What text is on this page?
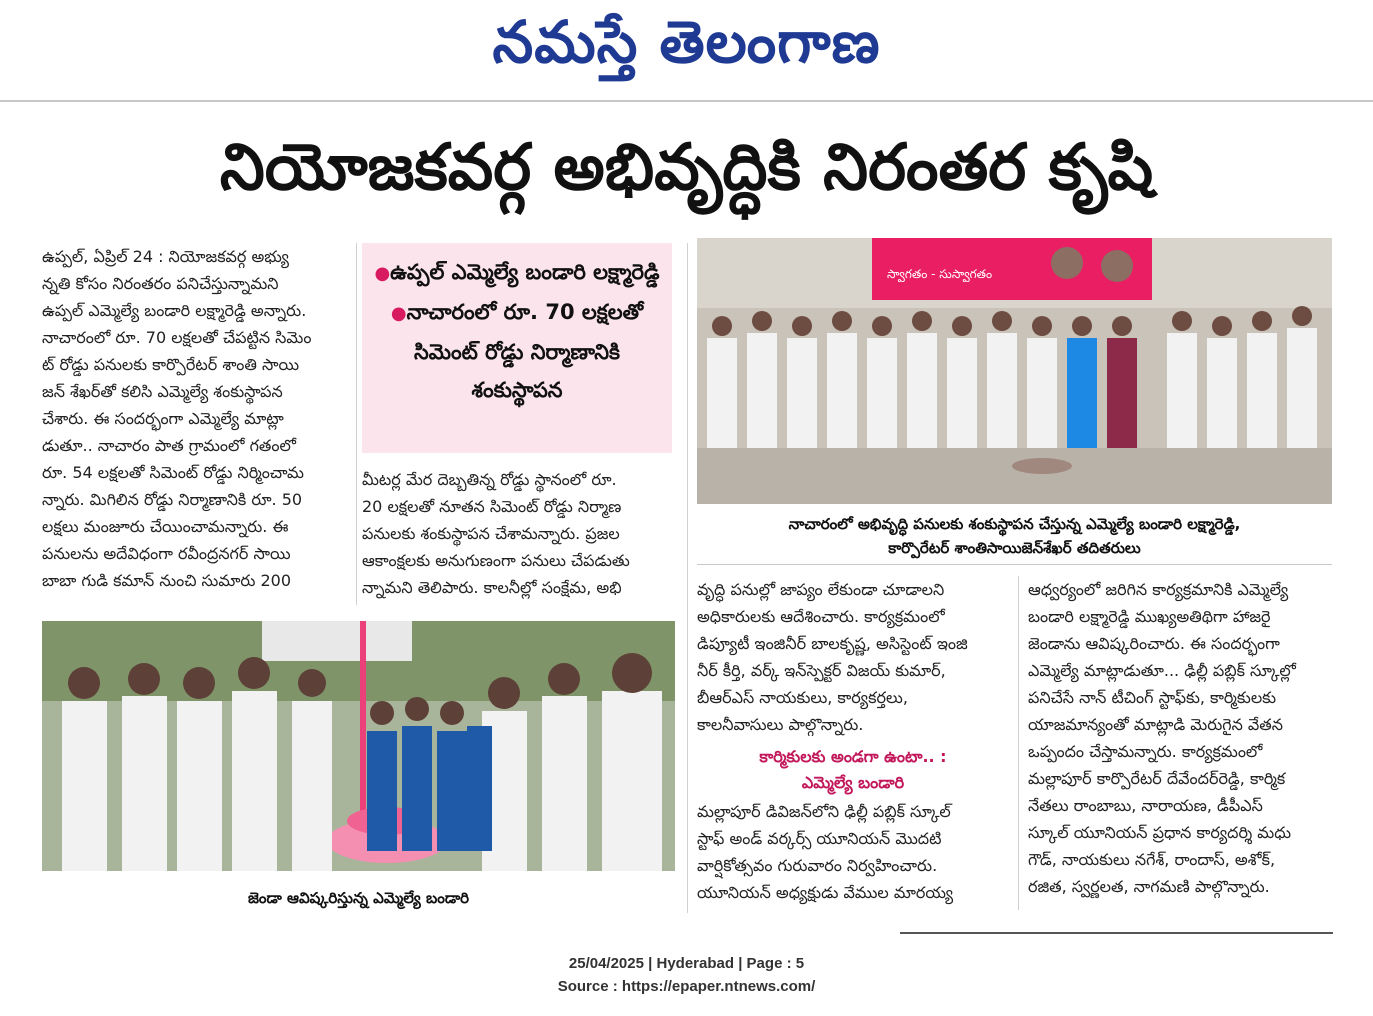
నమస్తే తెలంగాణ
నియోజకవర్గ అభివృద్ధికి నిరంతర కృషి

ఉప్పల్, ఏప్రిల్ 24 : నియోజకవర్గ అభ్యు

న్నతి కోసం నిరంతరం పనిచేస్తున్నామని

ఉప్పల్ ఎమ్మెల్యే బండారి లక్ష్మారెడ్డి అన్నారు.

నాచారంలో రూ. 70 లక్షలతో చేపట్టిన సిమెం

ట్ రోడ్డు పనులకు కార్పొరేటర్ శాంతి సాయి

జన్ శేఖర్‌తో కలిసి ఎమ్మెల్యే శంకుస్థాపన

చేశారు. ఈ సందర్భంగా ఎమ్మెల్యే మాట్లా

డుతూ.. నాచారం పాత గ్రామంలో గతంలో

రూ. 54 లక్షలతో సిమెంట్ రోడ్డు నిర్మించామ

న్నారు. మిగిలిన రోడ్డు నిర్మాణానికి రూ. 50

లక్షలు మంజూరు చేయించామన్నారు. ఈ

పనులను అదేవిధంగా రవీంద్రనగర్ సాయి

బాబా గుడి కమాన్ నుంచి సుమారు 200

●ఉప్పల్ ఎమ్మెల్యే బండారి లక్ష్మారెడ్డి
●నాచారంలో రూ. 70 లక్షలతో సిమెంట్ రోడ్డు నిర్మాణానికి శంకుస్థాపన

మీటర్ల మేర దెబ్బతిన్న రోడ్డు స్థానంలో రూ.

20 లక్షలతో నూతన సిమెంట్ రోడ్డు నిర్మాణ

పనులకు శంకుస్థాపన చేశామన్నారు. ప్రజల

ఆకాంక్షలకు అనుగుణంగా పనులు చేపడుతు

న్నామని తెలిపారు. కాలనీల్లో సంక్షేమ, అభి

స్వాగతం - సుస్వాగతం
నాచారంలో అభివృద్ధి పనులకు శంకుస్థాపన చేస్తున్న ఎమ్మెల్యే బండారి లక్ష్మారెడ్డి,
కార్పొరేటర్ శాంతిసాయిజెన్‌శేఖర్ తదితరులు
జెండా ఆవిష్కరిస్తున్న ఎమ్మెల్యే బండారి

వృద్ధి పనుల్లో జాప్యం లేకుండా చూడాలని

అధికారులకు ఆదేశించారు. కార్యక్రమంలో

డిప్యూటీ ఇంజినీర్ బాలకృష్ణ, అసిస్టెంట్ ఇంజి

నీర్ కీర్తి, వర్క్ ఇన్‌స్పెక్టర్ విజయ్ కుమార్,

బీఆర్ఎస్ నాయకులు, కార్యకర్తలు,

కాలనీవాసులు పాల్గొన్నారు.

కార్మికులకు అండగా ఉంటా.. :
ఎమ్మెల్యే బండారి

మల్లాపూర్ డివిజన్‌లోని ఢిల్లీ పబ్లిక్ స్కూల్

స్టాఫ్ అండ్ వర్కర్స్ యూనియన్ మొదటి

వార్షికోత్సవం గురువారం నిర్వహించారు.

యూనియన్ అధ్యక్షుడు వేముల మారయ్య

ఆధ్వర్యంలో జరిగిన కార్యక్రమానికి ఎమ్మెల్యే

బండారి లక్ష్మారెడ్డి ముఖ్యఅతిథిగా హాజరై

జెండాను ఆవిష్కరించారు. ఈ సందర్భంగా

ఎమ్మెల్యే మాట్లాడుతూ... ఢిల్లీ పబ్లిక్ స్కూల్లో

పనిచేసే నాన్ టీచింగ్ స్టాఫ్‌కు, కార్మికులకు

యాజమాన్యంతో మాట్లాడి మెరుగైన వేతన

ఒప్పందం చేస్తామన్నారు. కార్యక్రమంలో

మల్లాపూర్ కార్పొరేటర్ దేవేందర్‌రెడ్డి, కార్మిక

నేతలు రాంబాబు, నారాయణ, డీపీఎస్

స్కూల్ యూనియన్ ప్రధాన కార్యదర్శి మధు

గౌడ్, నాయకులు నగేశ్, రాందాస్, అశోక్,

రజిత, స్వర్ణలత, నాగమణి పాల్గొన్నారు.

25/04/2025 | Hyderabad | Page : 5
Source : https://epaper.ntnews.com/
